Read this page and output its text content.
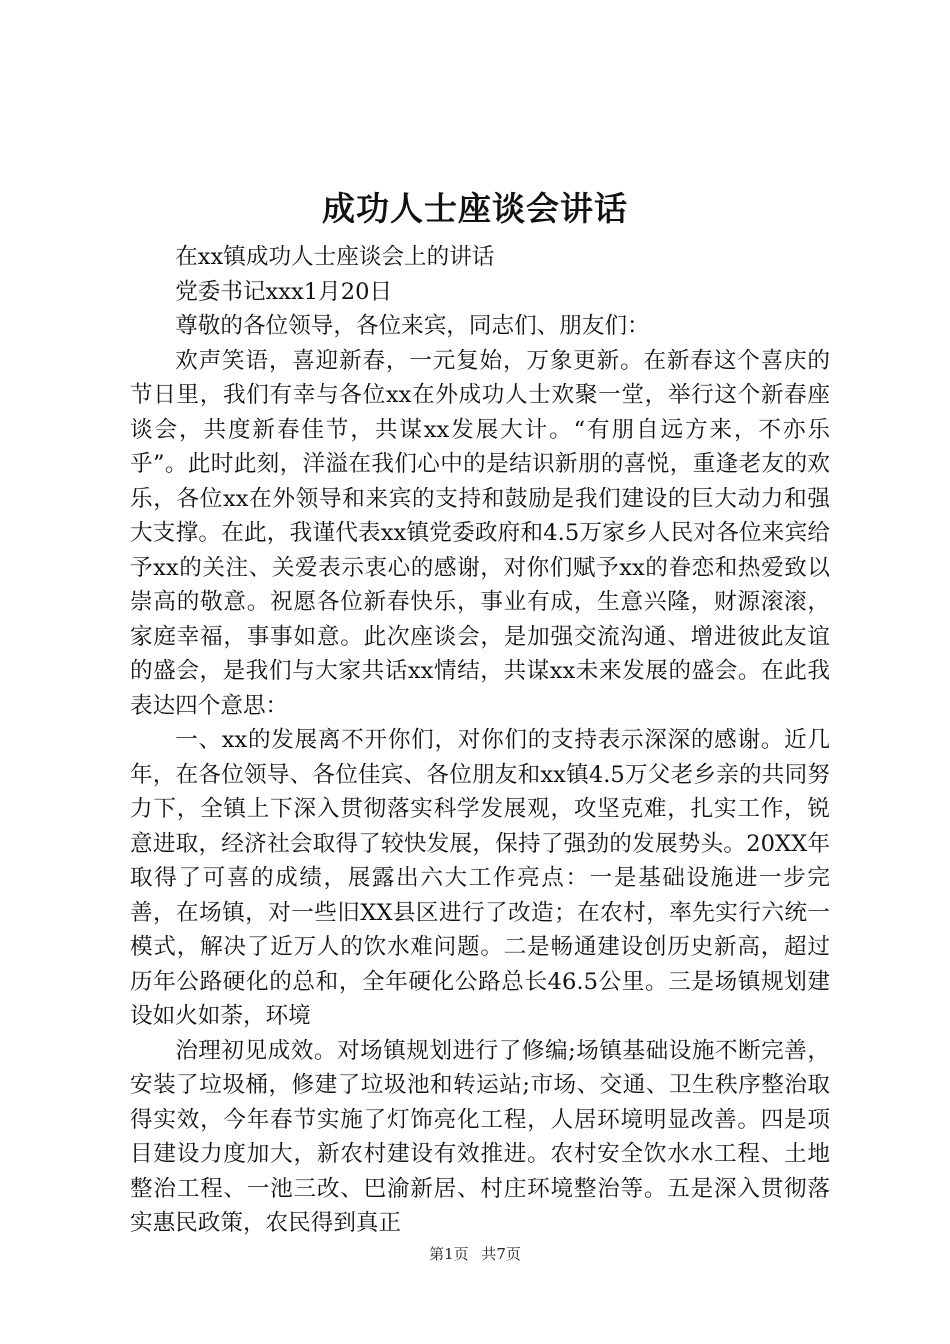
成功人士座谈会讲话

在xx镇成功人士座谈会上的讲话

党委书记xxx1月20日

尊敬的各位领导，各位来宾，同志们、朋友们：

欢声笑语，喜迎新春，一元复始，万象更新。在新春这个喜庆的节日里，我们有幸与各位xx在外成功人士欢聚一堂，举行这个新春座谈会，共度新春佳节，共谋xx发展大计。“有朋自远方来，不亦乐乎”。此时此刻，洋溢在我们心中的是结识新朋的喜悦，重逢老友的欢乐，各位xx在外领导和来宾的支持和鼓励是我们建设的巨大动力和强大支撑。在此，我谨代表xx镇党委政府和4.5万家乡人民对各位来宾给予xx的关注、关爱表示衷心的感谢，对你们赋予xx的眷恋和热爱致以崇高的敬意。祝愿各位新春快乐，事业有成，生意兴隆，财源滚滚，家庭幸福，事事如意。此次座谈会，是加强交流沟通、增进彼此友谊的盛会，是我们与大家共话xx情结，共谋xx未来发展的盛会。在此我表达四个意思：

一、xx的发展离不开你们，对你们的支持表示深深的感谢。近几年，在各位领导、各位佳宾、各位朋友和xx镇4.5万父老乡亲的共同努力下，全镇上下深入贯彻落实科学发展观，攻坚克难，扎实工作，锐意进取，经济社会取得了较快发展，保持了强劲的发展势头。20XX年取得了可喜的成绩，展露出六大工作亮点：一是基础设施进一步完善，在场镇，对一些旧XX县区进行了改造；在农村，率先实行六统一模式，解决了近万人的饮水难问题。二是畅通建设创历史新高，超过历年公路硬化的总和，全年硬化公路总长46.5公里。三是场镇规划建设如火如荼，环境

治理初见成效。对场镇规划进行了修编;场镇基础设施不断完善，安装了垃圾桶，修建了垃圾池和转运站;市场、交通、卫生秩序整治取得实效，今年春节实施了灯饰亮化工程，人居环境明显改善。四是项目建设力度加大，新农村建设有效推进。农村安全饮水水工程、土地整治工程、一池三改、巴渝新居、村庄环境整治等。五是深入贯彻落实惠民政策，农民得到真正

第1页 共7页
